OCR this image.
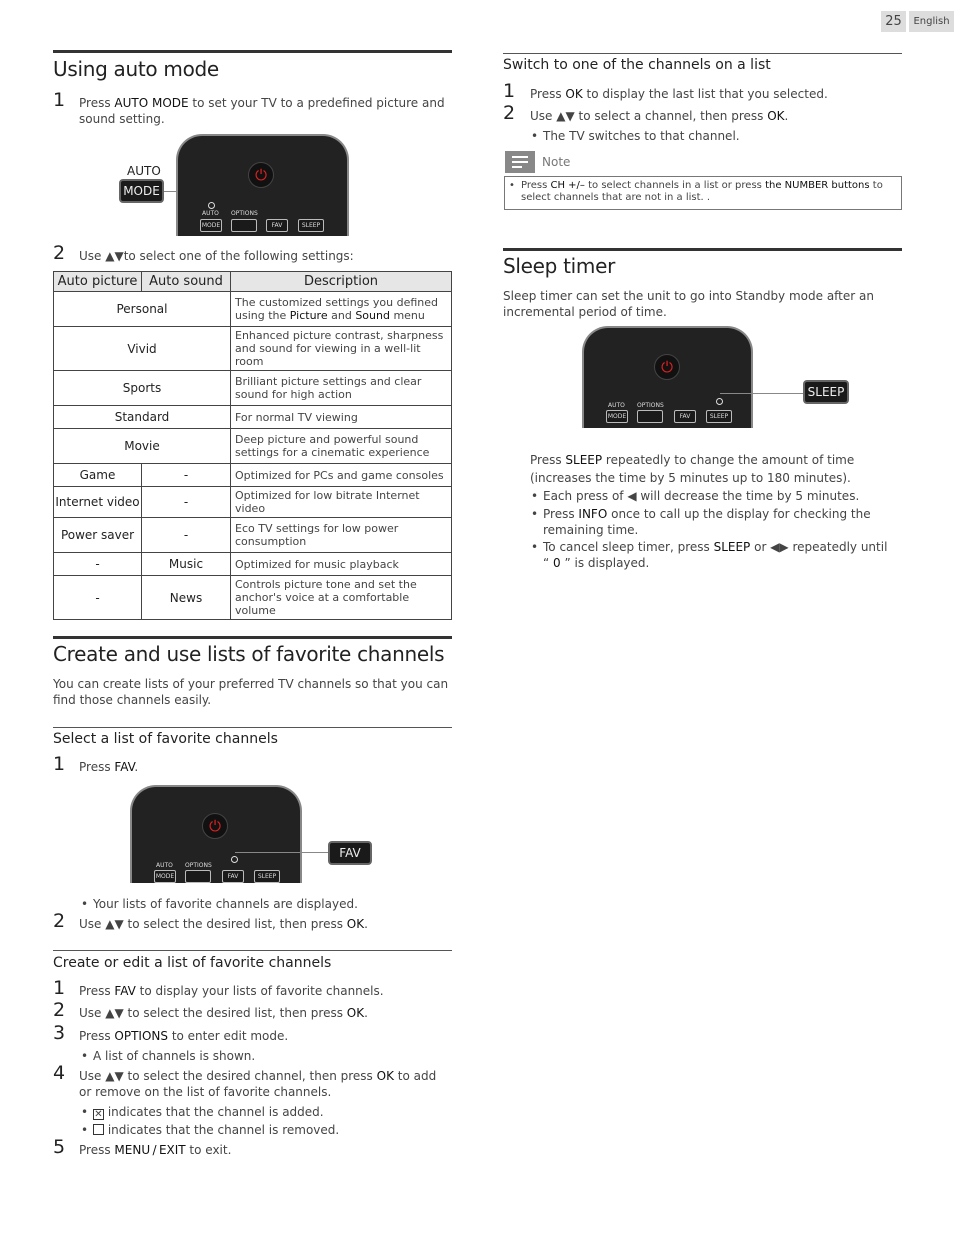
25	English
Using auto mode
1 Press AUTO MODE to set your TV to a predefined picture and sound setting.
AUTO
MODE
⏻
AUTO OPTIONS
MODE	FAV	SLEEP
2 Use ▲▼to select one of the following settings:
Auto picture	Auto sound	Description
Personal		The customized settings you defined using the Picture and Sound menu
Vivid		Enhanced picture contrast, sharpness and sound for viewing in a well-lit room
Sports		Brilliant picture settings and clear sound for high action
Standard		For normal TV viewing
Movie		Deep picture and powerful sound settings for a cinematic experience
Game	-	Optimized for PCs and game consoles
Internet video	-	Optimized for low bitrate Internet video
Power saver	-	Eco TV settings for low power consumption
-	Music	Optimized for music playback
-	News	Controls picture tone and set the anchor's voice at a comfortable volume
Create and use lists of favorite channels
You can create lists of your preferred TV channels so that you can find those channels easily.
Select a list of favorite channels
1 Press FAV.
⏻
AUTO OPTIONS
MODE	FAV	SLEEP
FAV
• Your lists of favorite channels are displayed.
2 Use ▲▼ to select the desired list, then press OK.
Create or edit a list of favorite channels
1 Press FAV to display your lists of favorite channels.
2 Use ▲▼ to select the desired list, then press OK.
3 Press OPTIONS to enter edit mode.
• A list of channels is shown.
4 Use ▲▼ to select the desired channel, then press OK to add or remove on the list of favorite channels.
• ✕ indicates that the channel is added.
• indicates that the channel is removed.
5 Press MENU / EXIT to exit.
Switch to one of the channels on a list
1 Press OK to display the last list that you selected.
2 Use ▲▼ to select a channel, then press OK.
• The TV switches to that channel.
Note
• Press CH +/– to select channels in a list or press the NUMBER buttons to select channels that are not in a list. .
Sleep timer
Sleep timer can set the unit to go into Standby mode after an incremental period of time.
⏻
AUTO OPTIONS
MODE	FAV	SLEEP
SLEEP
Press SLEEP repeatedly to change the amount of time (increases the time by 5 minutes up to 180 minutes).
• Each press of ◀ will decrease the time by 5 minutes.
• Press INFO once to call up the display for checking the remaining time.
• To cancel sleep timer, press SLEEP or ◀▶ repeatedly until “ 0 ” is displayed.
